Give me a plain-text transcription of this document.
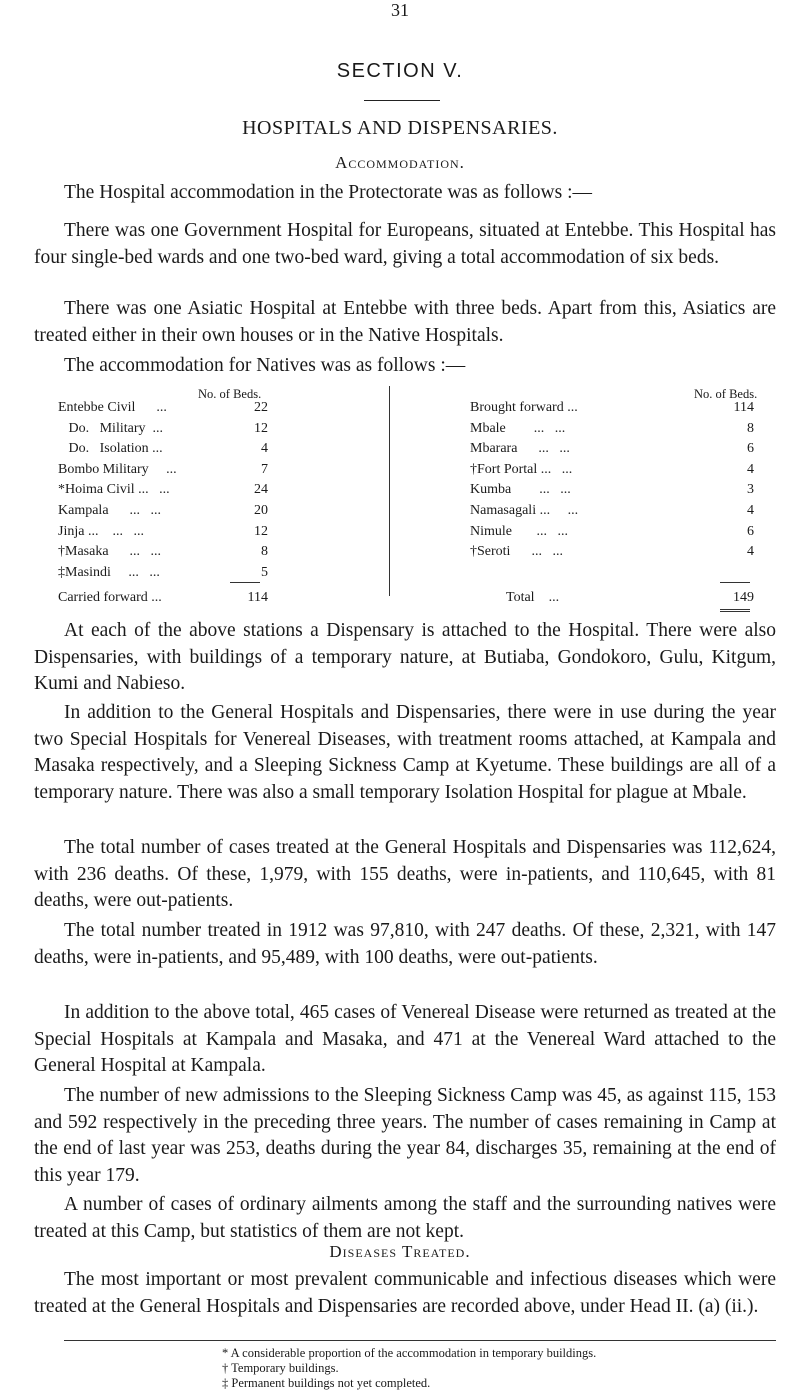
31
SECTION V.
HOSPITALS AND DISPENSARIES.
Accommodation.

The Hospital accommodation in the Protectorate was as follows :—

There was one Government Hospital for Europeans, situated at Entebbe. This Hospital has four single-bed wards and one two-bed ward, giving a total accommodation of six beds.

There was one Asiatic Hospital at Entebbe with three beds. Apart from this, Asiatics are treated either in their own houses or in the Native Hospitals.

The accommodation for Natives was as follows :—

No. of Beds.	No. of Beds.
Entebbe Civil      ...	22
Do.   Military  ...	12
Do.   Isolation ...	4
Bombo Military     ...	7
*Hoima Civil ...   ...	24
Kampala      ...   ...	20
Jinja ...    ...   ...	12
†Masaka      ...   ...	8
‡Masindi     ...   ...	5
Brought forward ...	114
Mbale        ...   ...	8
Mbarara      ...   ...	6
†Fort Portal ...   ...	4
Kumba        ...   ...	3
Namasagali ...     ...	4
Nimule       ...   ...	6
†Seroti      ...   ...	4
Carried forward ...	114	Total    ...	149

At each of the above stations a Dispensary is attached to the Hospital. There were also Dispensaries, with buildings of a temporary nature, at Butiaba, Gondokoro, Gulu, Kitgum, Kumi and Nabieso.

In addition to the General Hospitals and Dispensaries, there were in use during the year two Special Hospitals for Venereal Diseases, with treatment rooms attached, at Kampala and Masaka respectively, and a Sleeping Sickness Camp at Kyetume. These buildings are all of a temporary nature. There was also a small temporary Isolation Hospital for plague at Mbale.

The total number of cases treated at the General Hospitals and Dispensaries was 112,624, with 236 deaths. Of these, 1,979, with 155 deaths, were in-patients, and 110,645, with 81 deaths, were out-patients.

The total number treated in 1912 was 97,810, with 247 deaths. Of these, 2,321, with 147 deaths, were in-patients, and 95,489, with 100 deaths, were out-patients.

In addition to the above total, 465 cases of Venereal Disease were returned as treated at the Special Hospitals at Kampala and Masaka, and 471 at the Venereal Ward attached to the General Hospital at Kampala.

The number of new admissions to the Sleeping Sickness Camp was 45, as against 115, 153 and 592 respectively in the preceding three years. The number of cases remaining in Camp at the end of last year was 253, deaths during the year 84, discharges 35, remaining at the end of this year 179.

A number of cases of ordinary ailments among the staff and the surrounding natives were treated at this Camp, but statistics of them are not kept.

Diseases Treated.

The most important or most prevalent communicable and infectious diseases which were treated at the General Hospitals and Dispensaries are recorded above, under Head II. (a) (ii.).

* A considerable proportion of the accommodation in temporary buildings.
† Temporary buildings.
‡ Permanent buildings not yet completed.
